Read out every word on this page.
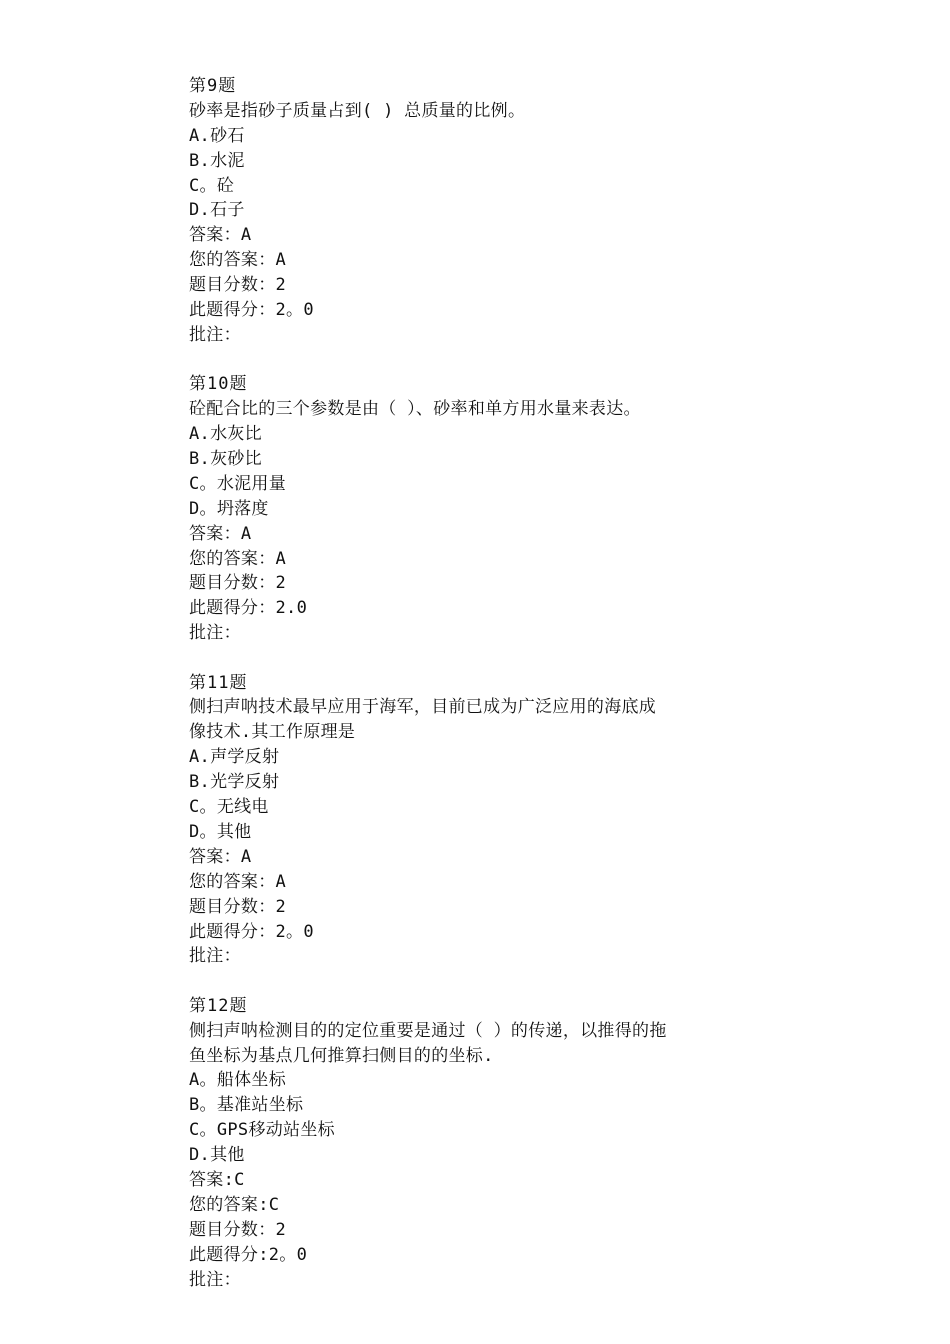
第9题
砂率是指砂子质量占到( ) 总质量的比例。
A.砂石
B.水泥
C。砼
D.石子
答案：A
您的答案：A
题目分数：2
此题得分：2。0
批注：
第10题
砼配合比的三个参数是由（ ）、砂率和单方用水量来表达。
A.水灰比
B.灰砂比
C。水泥用量
D。坍落度
答案：A
您的答案：A
题目分数：2
此题得分：2.0
批注：
第11题
侧扫声呐技术最早应用于海军，目前已成为广泛应用的海底成
像技术.其工作原理是
A.声学反射
B.光学反射
C。无线电
D。其他
答案：A
您的答案：A
题目分数：2
此题得分：2。0
批注：
第12题
侧扫声呐检测目的的定位重要是通过（ ）的传递，以推得的拖
鱼坐标为基点几何推算扫侧目的的坐标.
A。船体坐标
B。基准站坐标
C。GPS移动站坐标
D.其他
答案:C
您的答案:C
题目分数：2
此题得分:2。0
批注：
